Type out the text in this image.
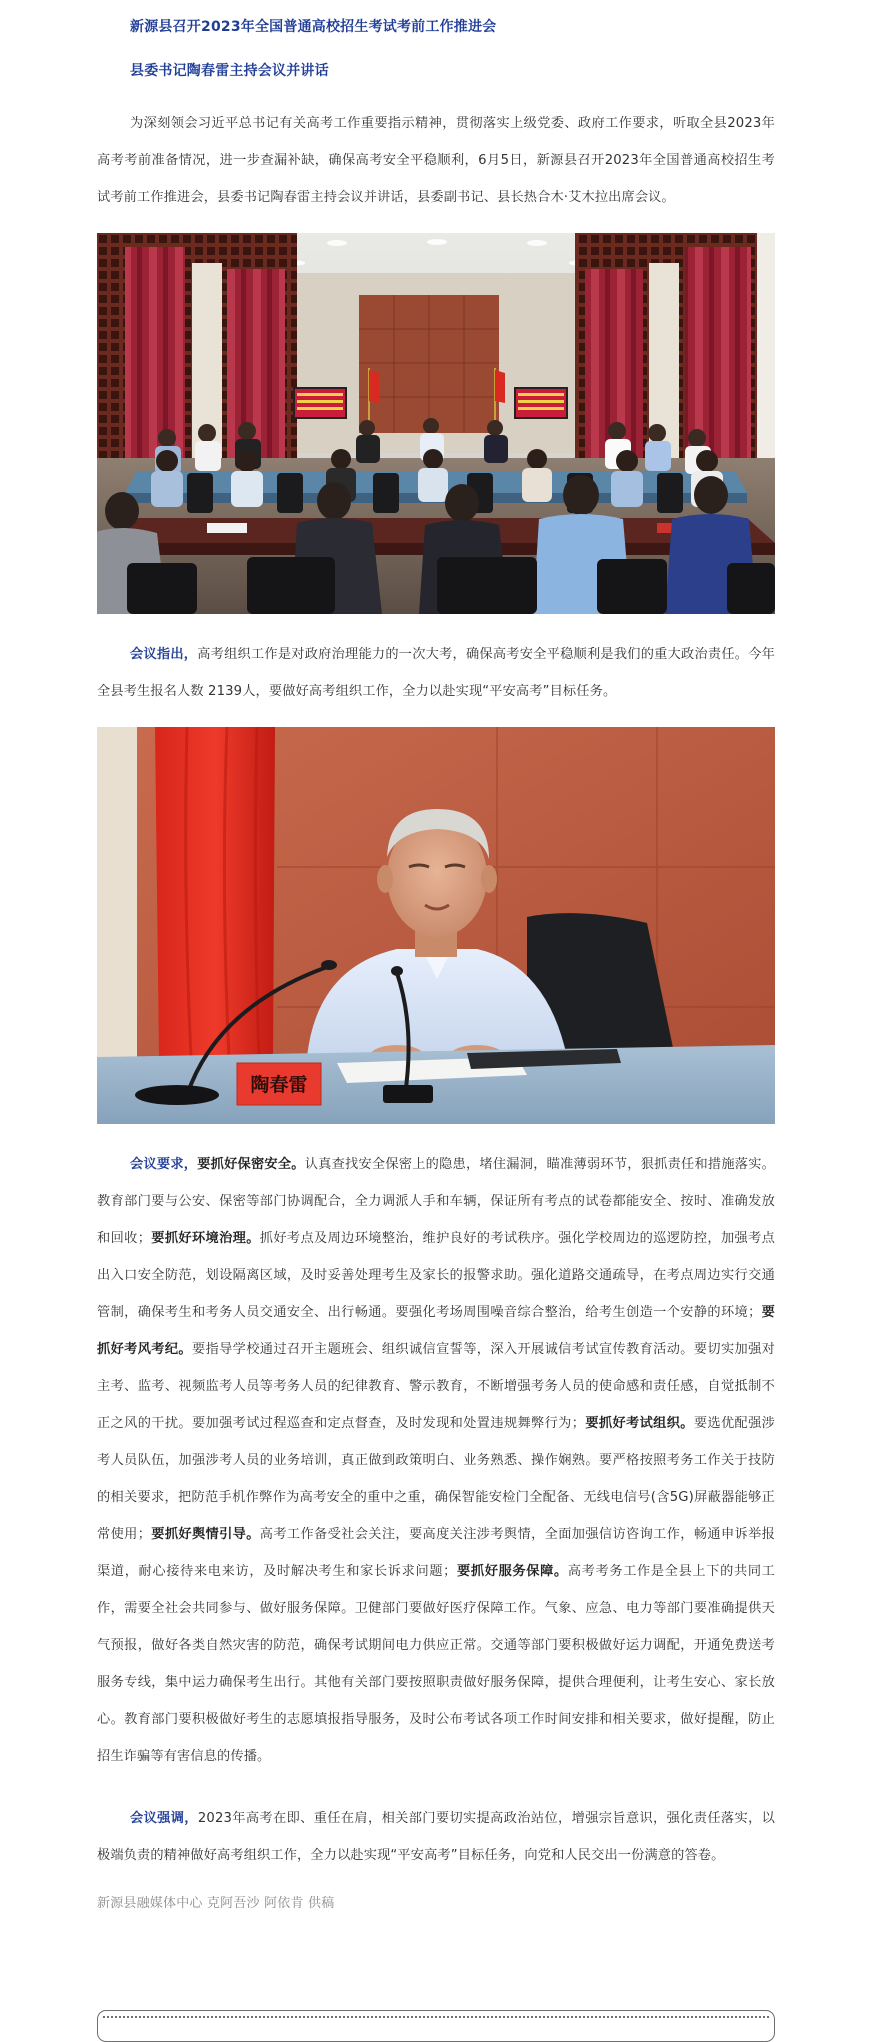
新源县召开2023年全国普通高校招生考试考前工作推进会
县委书记陶春雷主持会议并讲话

为深刻领会习近平总书记有关高考工作重要指示精神，贯彻落实上级党委、政府工作要求，听取全县2023年高考考前准备情况，进一步查漏补缺，确保高考安全平稳顺利，6月5日，新源县召开2023年全国普通高校招生考试考前工作推进会，县委书记陶春雷主持会议并讲话，县委副书记、县长热合木·艾木拉出席会议。

会议指出，高考组织工作是对政府治理能力的一次大考，确保高考安全平稳顺利是我们的重大政治责任。今年全县考生报名人数 2139人，要做好高考组织工作，全力以赴实现“平安高考”目标任务。

陶春雷

会议要求，要抓好保密安全。认真查找安全保密上的隐患，堵住漏洞，瞄准薄弱环节，狠抓责任和措施落实。教育部门要与公安、保密等部门协调配合，全力调派人手和车辆，保证所有考点的试卷都能安全、按时、准确发放和回收；要抓好环境治理。抓好考点及周边环境整治，维护良好的考试秩序。强化学校周边的巡逻防控，加强考点出入口安全防范，划设隔离区域，及时妥善处理考生及家长的报警求助。强化道路交通疏导，在考点周边实行交通管制，确保考生和考务人员交通安全、出行畅通。要强化考场周围噪音综合整治，给考生创造一个安静的环境；要抓好考风考纪。要指导学校通过召开主题班会、组织诚信宣誓等，深入开展诚信考试宣传教育活动。要切实加强对主考、监考、视频监考人员等考务人员的纪律教育、警示教育，不断增强考务人员的使命感和责任感，自觉抵制不正之风的干扰。要加强考试过程巡查和定点督查，及时发现和处置违规舞弊行为；要抓好考试组织。要选优配强涉考人员队伍，加强涉考人员的业务培训，真正做到政策明白、业务熟悉、操作娴熟。要严格按照考务工作关于技防的相关要求，把防范手机作弊作为高考安全的重中之重，确保智能安检门全配备、无线电信号(含5G)屏蔽器能够正常使用；要抓好舆情引导。高考工作备受社会关注，要高度关注涉考舆情，全面加强信访咨询工作，畅通申诉举报渠道，耐心接待来电来访，及时解决考生和家长诉求问题；要抓好服务保障。高考考务工作是全县上下的共同工作，需要全社会共同参与、做好服务保障。卫健部门要做好医疗保障工作。气象、应急、电力等部门要准确提供天气预报，做好各类自然灾害的防范，确保考试期间电力供应正常。交通等部门要积极做好运力调配，开通免费送考服务专线，集中运力确保考生出行。其他有关部门要按照职责做好服务保障，提供合理便利，让考生安心、家长放心。教育部门要积极做好考生的志愿填报指导服务，及时公布考试各项工作时间安排和相关要求，做好提醒，防止招生诈骗等有害信息的传播。

会议强调，2023年高考在即、重任在肩，相关部门要切实提高政治站位，增强宗旨意识，强化责任落实，以极端负责的精神做好高考组织工作，全力以赴实现“平安高考”目标任务，向党和人民交出一份满意的答卷。

新源县融媒体中心 克阿吾沙 阿依肯 供稿
